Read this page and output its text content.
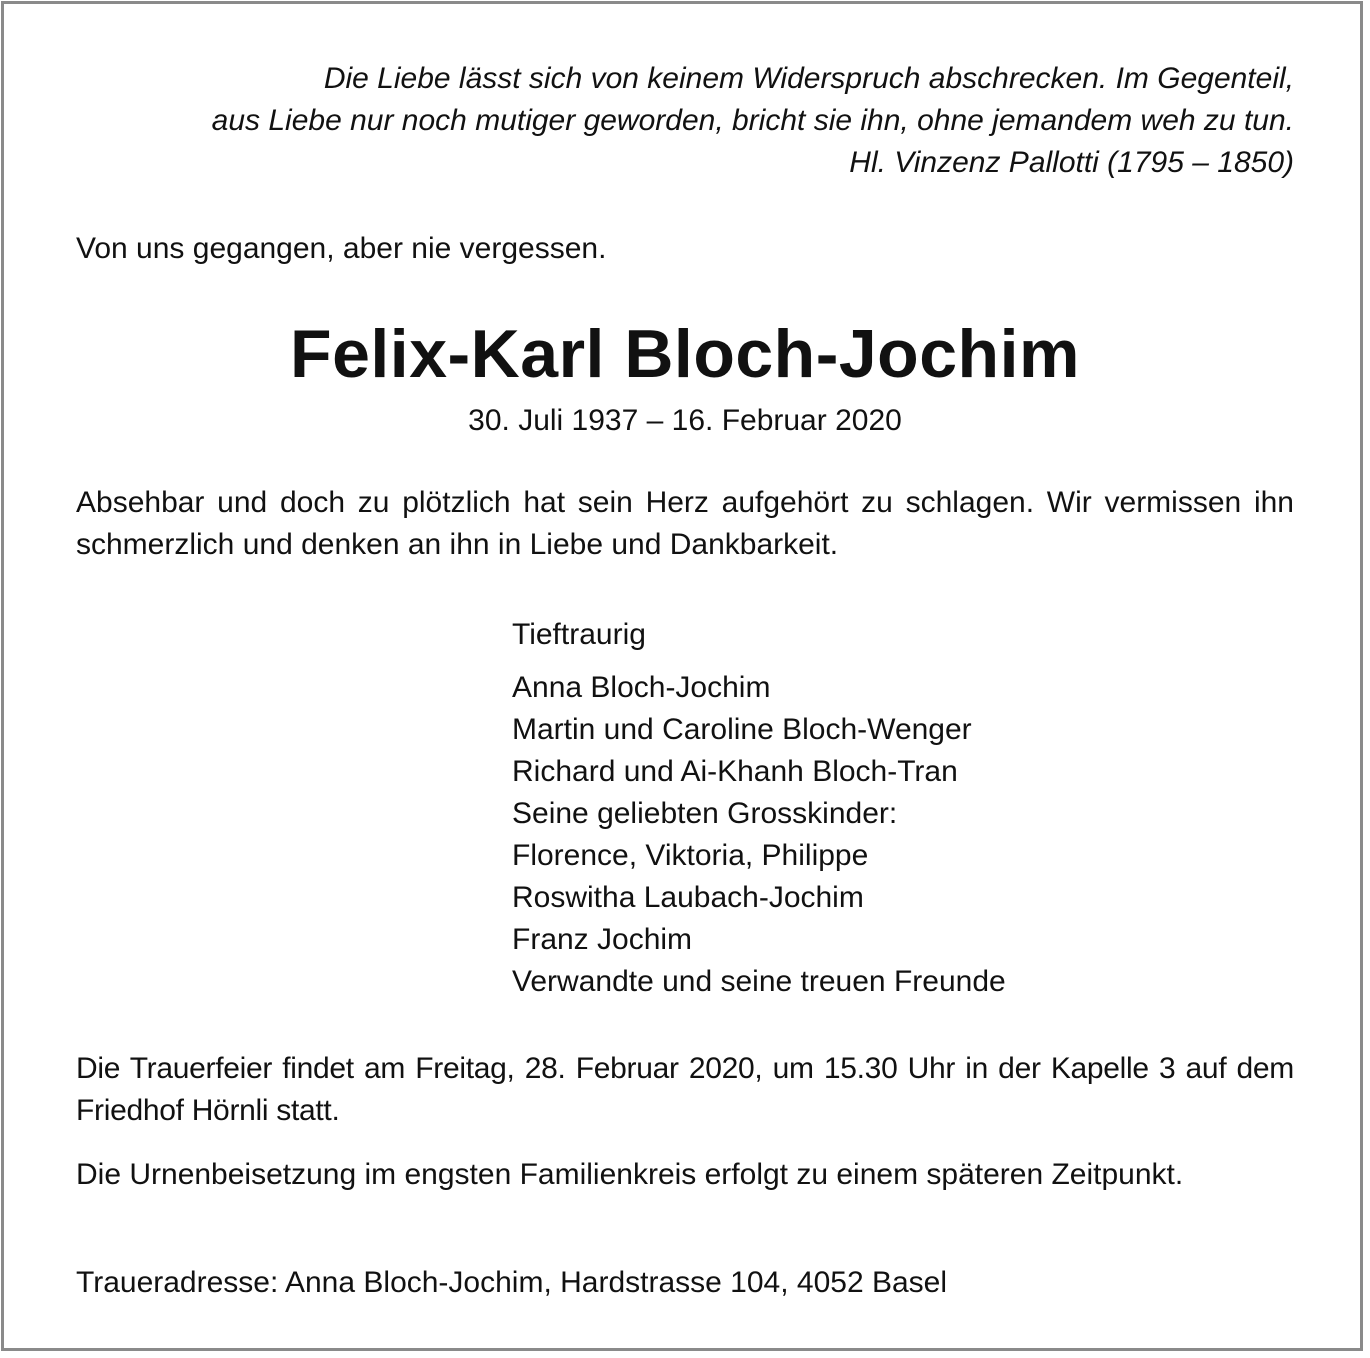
Die Liebe lässt sich von keinem Widerspruch abschrecken. Im Gegenteil,
aus Liebe nur noch mutiger geworden, bricht sie ihn, ohne jemandem weh zu tun.
Hl. Vinzenz Pallotti (1795 – 1850)
Von uns gegangen, aber nie vergessen.
Felix-Karl Bloch-Jochim
30. Juli 1937 – 16. Februar 2020
Absehbar und doch zu plötzlich hat sein Herz aufgehört zu schlagen. Wir vermissen ihn schmerzlich und denken an ihn in Liebe und Dankbarkeit.
Tieftraurig
Anna Bloch-Jochim
Martin und Caroline Bloch-Wenger
Richard und Ai-Khanh Bloch-Tran
Seine geliebten Grosskinder:
Florence, Viktoria, Philippe
Roswitha Laubach-Jochim
Franz Jochim
Verwandte und seine treuen Freunde
Die Trauerfeier findet am Freitag, 28. Februar 2020, um 15.30 Uhr in der Kapelle 3 auf dem Friedhof Hörnli statt.
Die Urnenbeisetzung im engsten Familienkreis erfolgt zu einem späteren Zeitpunkt.
Traueradresse: Anna Bloch-Jochim, Hardstrasse 104, 4052 Basel
